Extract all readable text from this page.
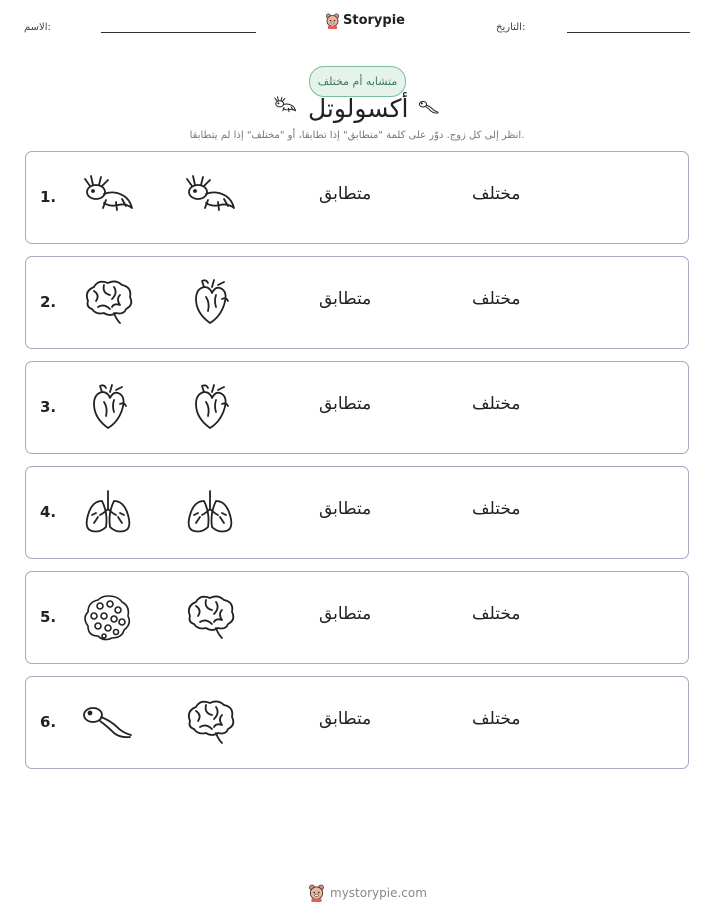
الاسم:	Storypie	التاريخ:
متشابه أم مختلف
أكسولوتل
انظر إلى كل زوج. دوّر على كلمة "متطابق" إذا تطابقا، أو "مختلف" إذا لم يتطابقا.
1.	متطابق	مختلف
2.	متطابق	مختلف
3.	متطابق	مختلف
4.	متطابق	مختلف
5.	متطابق	مختلف
6.	متطابق	مختلف
mystorypie.com
